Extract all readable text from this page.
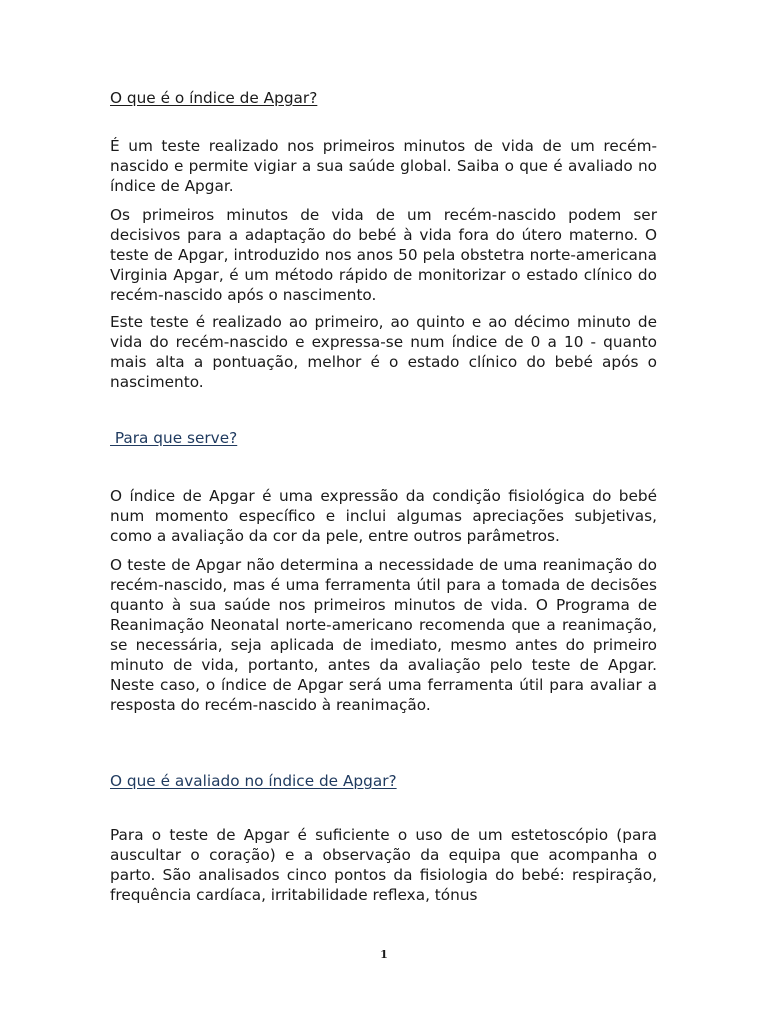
O que é o índice de Apgar?

É um teste realizado nos primeiros minutos de vida de um recém-nascido e permite vigiar a sua saúde global. Saiba o que é avaliado no índice de Apgar.

Os primeiros minutos de vida de um recém-nascido podem ser decisivos para a adaptação do bebé à vida fora do útero materno. O teste de Apgar, introduzido nos anos 50 pela obstetra norte-americana Virginia Apgar, é um método rápido de monitorizar o estado clínico do recém-nascido após o nascimento.

Este teste é realizado ao primeiro, ao quinto e ao décimo minuto de vida do recém-nascido e expressa-se num índice de 0 a 10 - quanto mais alta a pontuação, melhor é o estado clínico do bebé após o nascimento.

Para que serve?

O índice de Apgar é uma expressão da condição fisiológica do bebé num momento específico e inclui algumas apreciações subjetivas, como a avaliação da cor da pele, entre outros parâmetros.

O teste de Apgar não determina a necessidade de uma reanimação do recém-nascido, mas é uma ferramenta útil para a tomada de decisões quanto à sua saúde nos primeiros minutos de vida. O Programa de Reanimação Neonatal norte-americano recomenda que a reanimação, se necessária, seja aplicada de imediato, mesmo antes do primeiro minuto de vida, portanto, antes da avaliação pelo teste de Apgar. Neste caso, o índice de Apgar será uma ferramenta útil para avaliar a resposta do recém-nascido à reanimação.

O que é avaliado no índice de Apgar?

Para o teste de Apgar é suficiente o uso de um estetoscópio (para auscultar o coração) e a observação da equipa que acompanha o parto. São analisados cinco pontos da fisiologia do bebé: respiração, frequência cardíaca, irritabilidade reflexa, tónus

1
